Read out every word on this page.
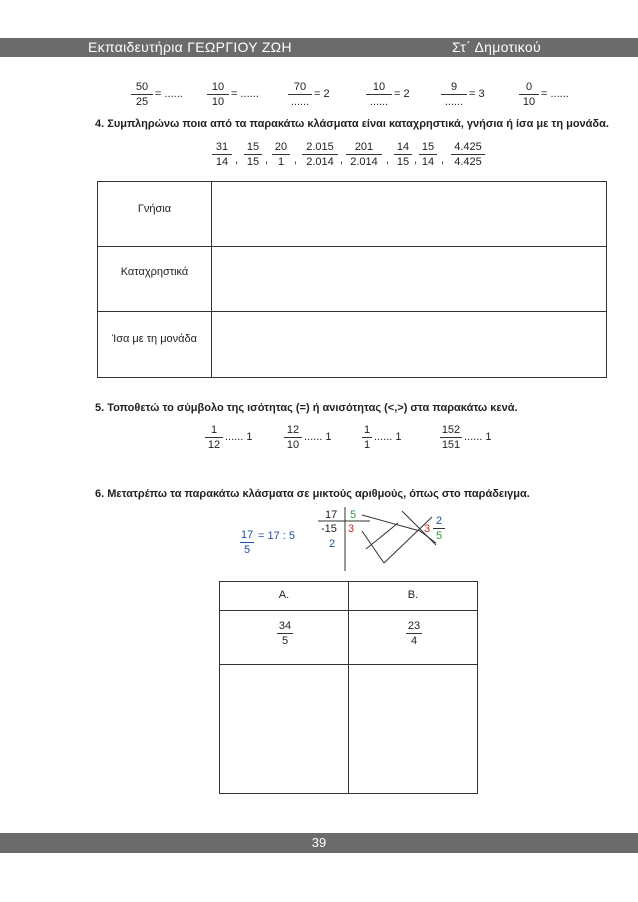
Εκπαιδευτήρια ΓΕΩΡΓΙΟΥ ΖΩΗ	Στ΄ Δημοτικού
$\frac{50}{25}$ = ...... $\frac{10}{10}$ = ......
70
......
= 2
10
......
= 2
9
......
= 3	$\frac{0}{10}$ = ......
4. Συμπληρώνω ποια από τα παρακάτω κλάσματα είναι καταχρηστικά, γνήσια ή ίσα με τη μονάδα.
$\frac{31}{14}$ , $\frac{15}{15}$ , $\frac{20}{1}$ , $\frac{2.015}{2.014}$ , $\frac{201}{2.014}$ , $\frac{14}{15}$ , $\frac{15}{14}$ , $\frac{4.425}{4.425}$
Γνήσια
Καταχρηστικά
Ίσα με τη μονάδα
5. Τοποθετώ το σύμβολο της ισότητας (=) ή ανισότητας (<,>) στα παρακάτω κενά.
$\frac{1}{12}$ ...... 1	$\frac{12}{10}$ ...... 1	$\frac{1}{1}$ ...... 1	$\frac{152}{151}$ ...... 1
6. Μετατρέπω τα παρακάτω κλάσματα σε μικτούς αριθμούς, όπως στο παράδειγμα.
$\frac{17}{5} = 17$ : 5
17 5
-15 3
2
$3 \frac{2}{5}$
Α.	Β.
$\frac{34}{5}$	$\frac{23}{4}$
39
